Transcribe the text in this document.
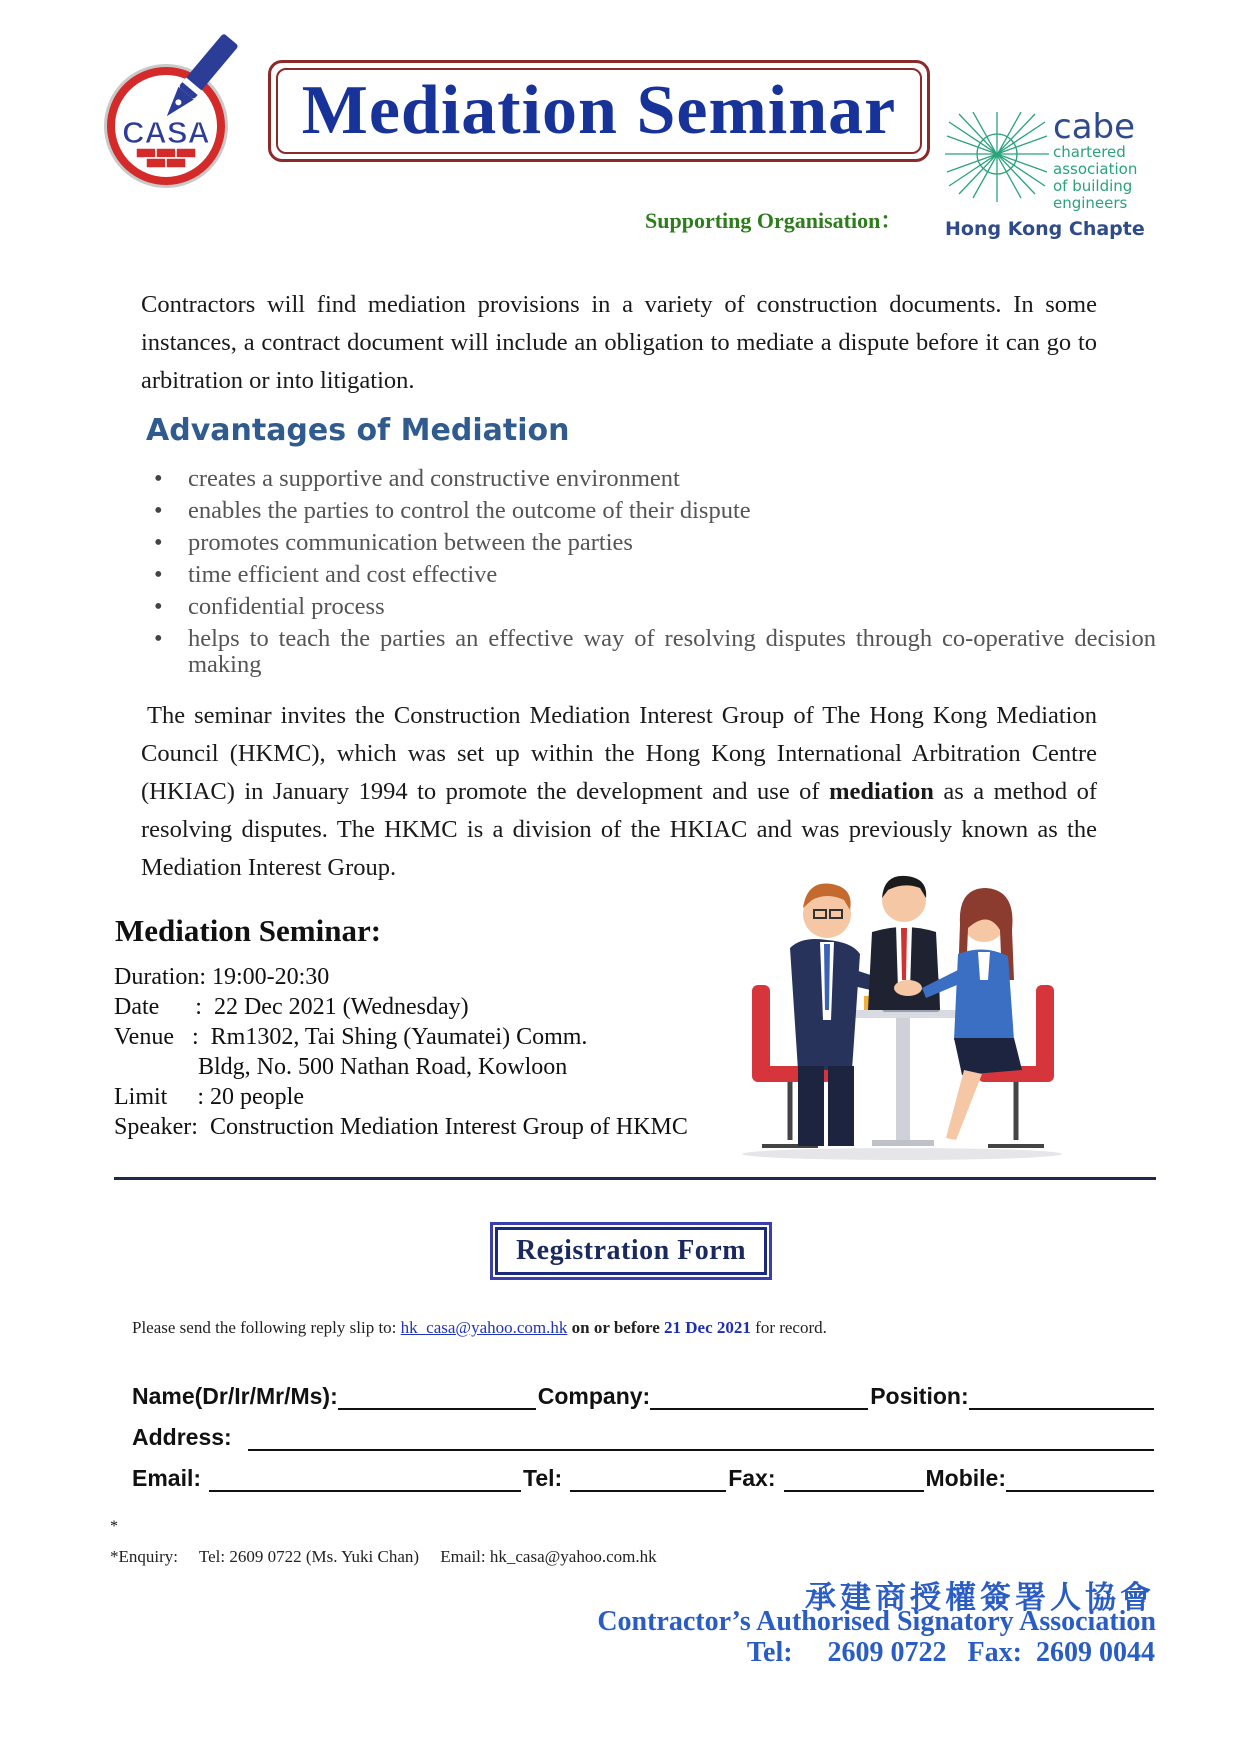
CASA Mediation Seminar
Supporting Organisation：
cabe
chartered
association
of building
engineers
Hong Kong Chapter
Contractors will find mediation provisions in a variety of construction documents. In some instances, a contract document will include an obligation to mediate a dispute before it can go to arbitration or into litigation.
Advantages of Mediation
• creates a supportive and constructive environment
• enables the parties to control the outcome of their dispute
• promotes communication between the parties
• time efficient and cost effective
• confidential process
• helps to teach the parties an effective way of resolving disputes through co-operative decision making
The seminar invites the Construction Mediation Interest Group of The Hong Kong Mediation Council (HKMC), which was set up within the Hong Kong International Arbitration Centre (HKIAC) in January 1994 to promote the development and use of mediation as a method of resolving disputes. The HKMC is a division of the HKIAC and was previously known as the Mediation Interest Group.
Mediation Seminar:
Duration: 19:00-20:30
Date      :  22 Dec 2021 (Wednesday)
Venue   :  Rm1302, Tai Shing (Yaumatei) Comm.
Bldg, No. 500 Nathan Road, Kowloon
Limit     : 20 people
Speaker:  Construction Mediation Interest Group of HKMC
Registration Form
Please send the following reply slip to: hk_casa@yahoo.com.hk on or before 21 Dec 2021 for record.
Name(Dr/Ir/Mr/Ms):	Company:	Position:
Address:
Email:	Tel:	Fax:	Mobile:
*
*Enquiry:     Tel: 2609 0722 (Ms. Yuki Chan)     Email: hk_casa@yahoo.com.hk
承建商授權簽署人協會
Contractor’s Authorised Signatory Association
Tel:     2609 0722   Fax:  2609 0044
